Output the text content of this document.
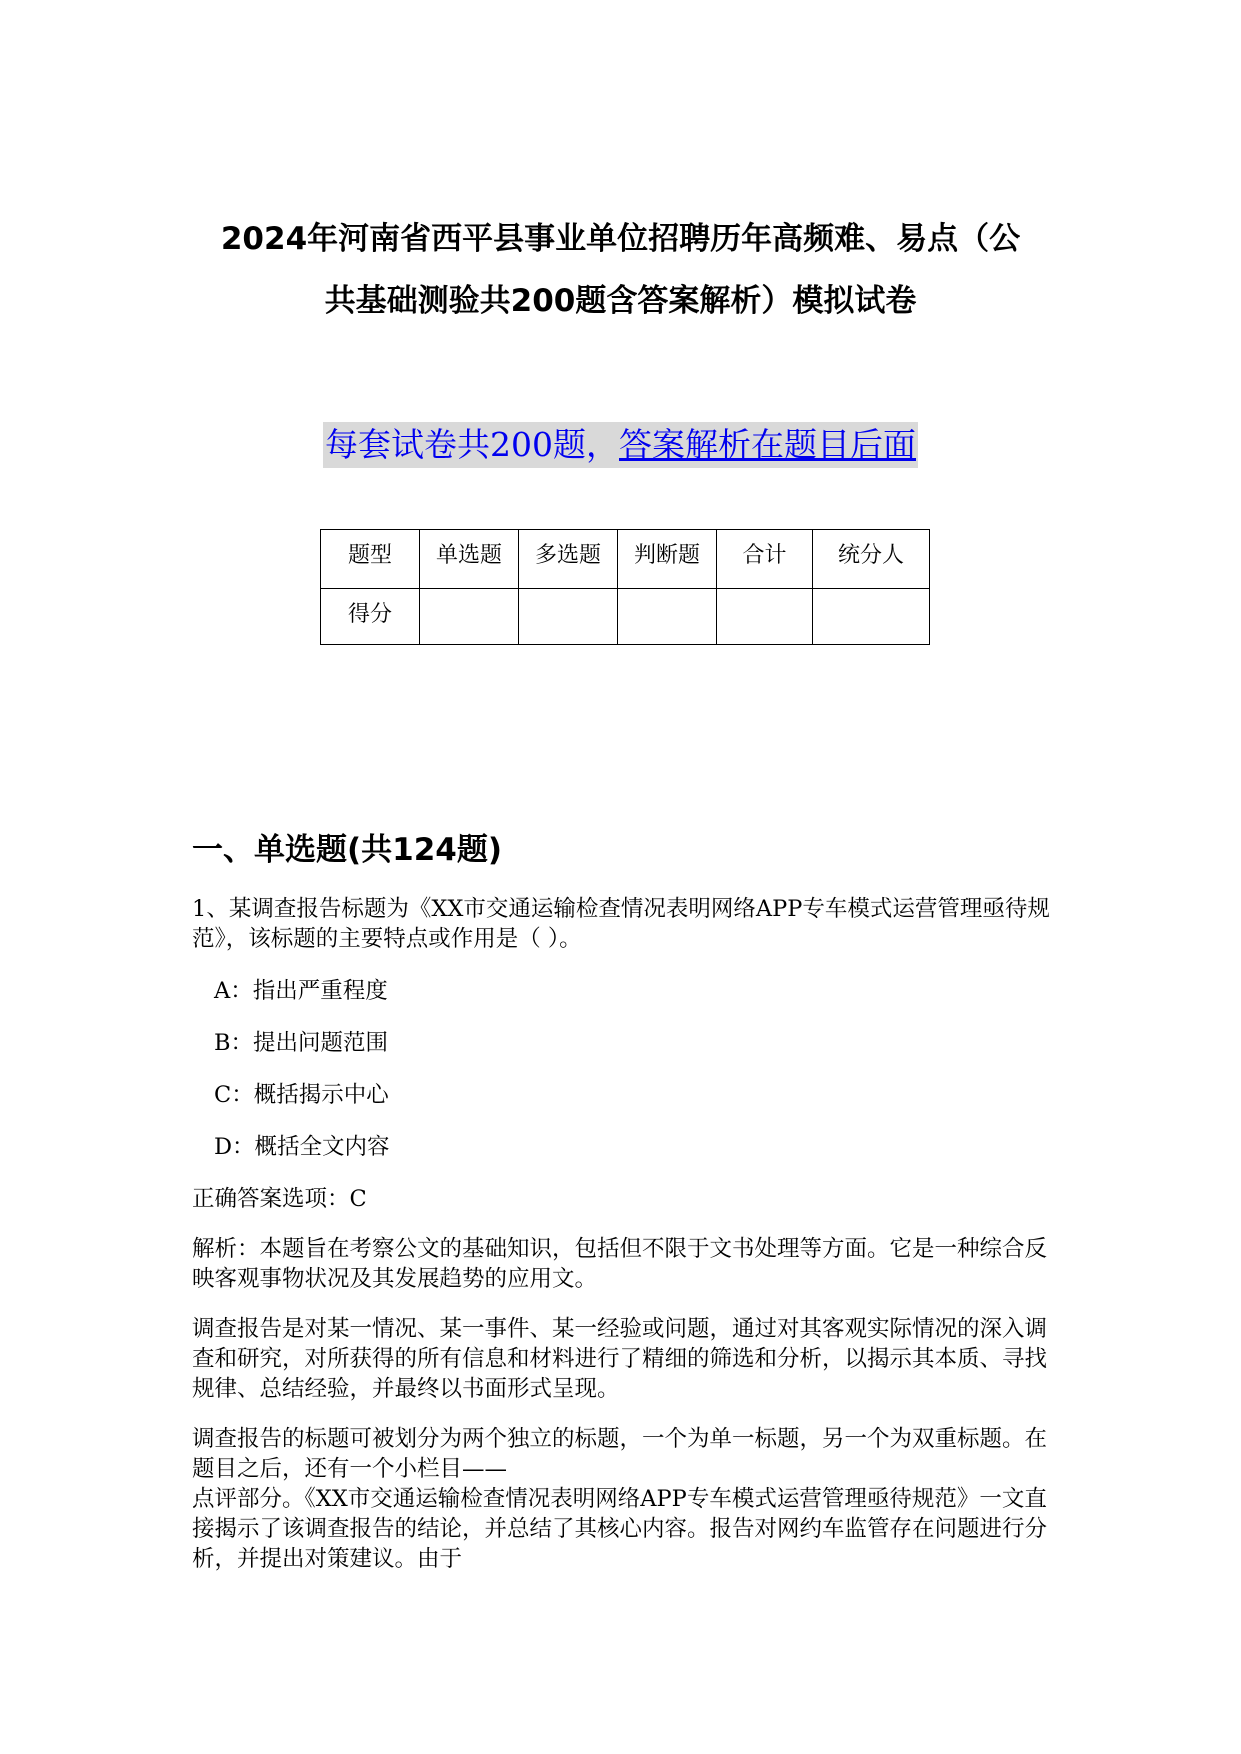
2024年河南省西平县事业单位招聘历年高频难、易点（公
共基础测验共200题含答案解析）模拟试卷
每套试卷共200题，答案解析在题目后面
题型	单选题	多选题	判断题	合计	统分人
得分					
一、单选题(共124题)

1、某调查报告标题为《XX市交通运输检查情况表明网络APP专车模式运营管理亟待规范》，该标题的主要特点或作用是（ ）。

A：指出严重程度

B：提出问题范围

C：概括揭示中心

D：概括全文内容

正确答案选项：C

解析：本题旨在考察公文的基础知识，包括但不限于文书处理等方面。它是一种综合反映客观事物状况及其发展趋势的应用文。

调查报告是对某一情况、某一事件、某一经验或问题，通过对其客观实际情况的深入调查和研究，对所获得的所有信息和材料进行了精细的筛选和分析，以揭示其本质、寻找规律、总结经验，并最终以书面形式呈现。

调查报告的标题可被划分为两个独立的标题，一个为单一标题，另一个为双重标题。在题目之后，还有一个小栏目——

点评部分。《XX市交通运输检查情况表明网络APP专车模式运营管理亟待规范》一文直接揭示了该调查报告的结论，并总结了其核心内容。报告对网约车监管存在问题进行分析，并提出对策建议。由于
